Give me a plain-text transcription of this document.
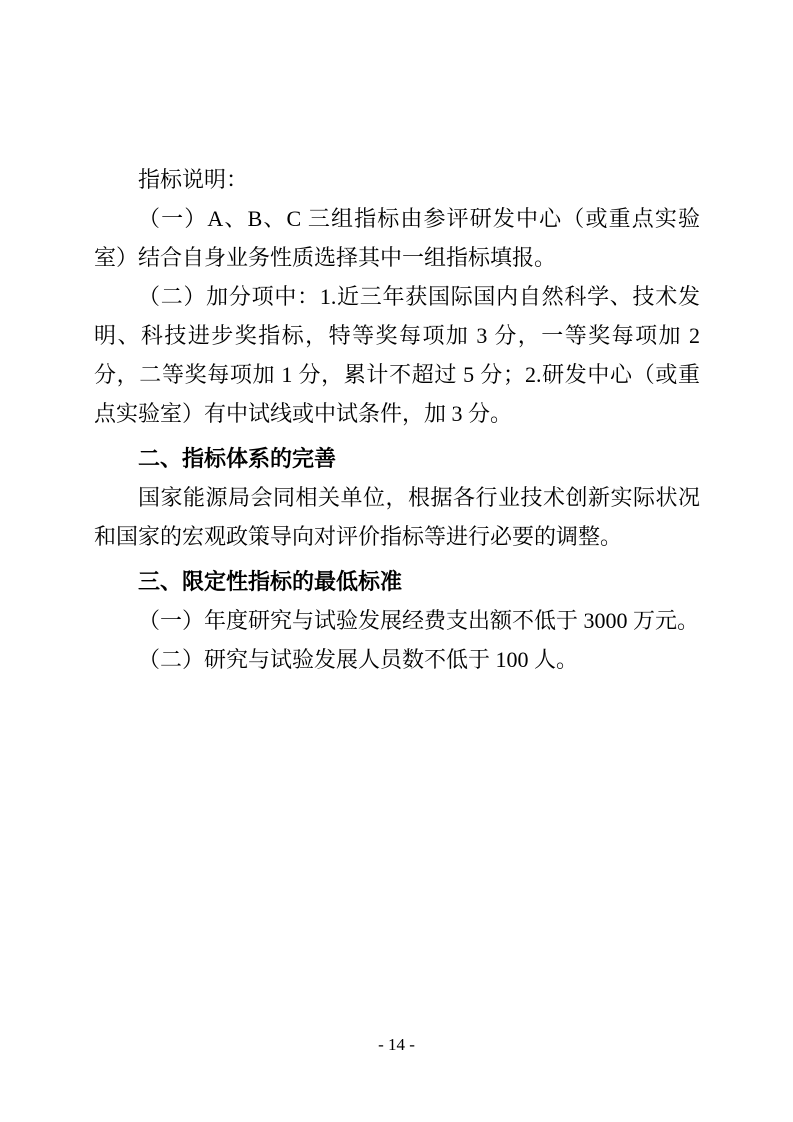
指标说明：

（一）A、B、C 三组指标由参评研发中心（或重点实验室）结合自身业务性质选择其中一组指标填报。

（二）加分项中：1.近三年获国际国内自然科学、技术发明、科技进步奖指标，特等奖每项加 3 分，一等奖每项加 2 分，二等奖每项加 1 分，累计不超过 5 分；2.研发中心（或重点实验室）有中试线或中试条件，加 3 分。

二、指标体系的完善

国家能源局会同相关单位，根据各行业技术创新实际状况和国家的宏观政策导向对评价指标等进行必要的调整。

三、限定性指标的最低标准

（一）年度研究与试验发展经费支出额不低于 3000 万元。

（二）研究与试验发展人员数不低于 100 人。

- 14 -
